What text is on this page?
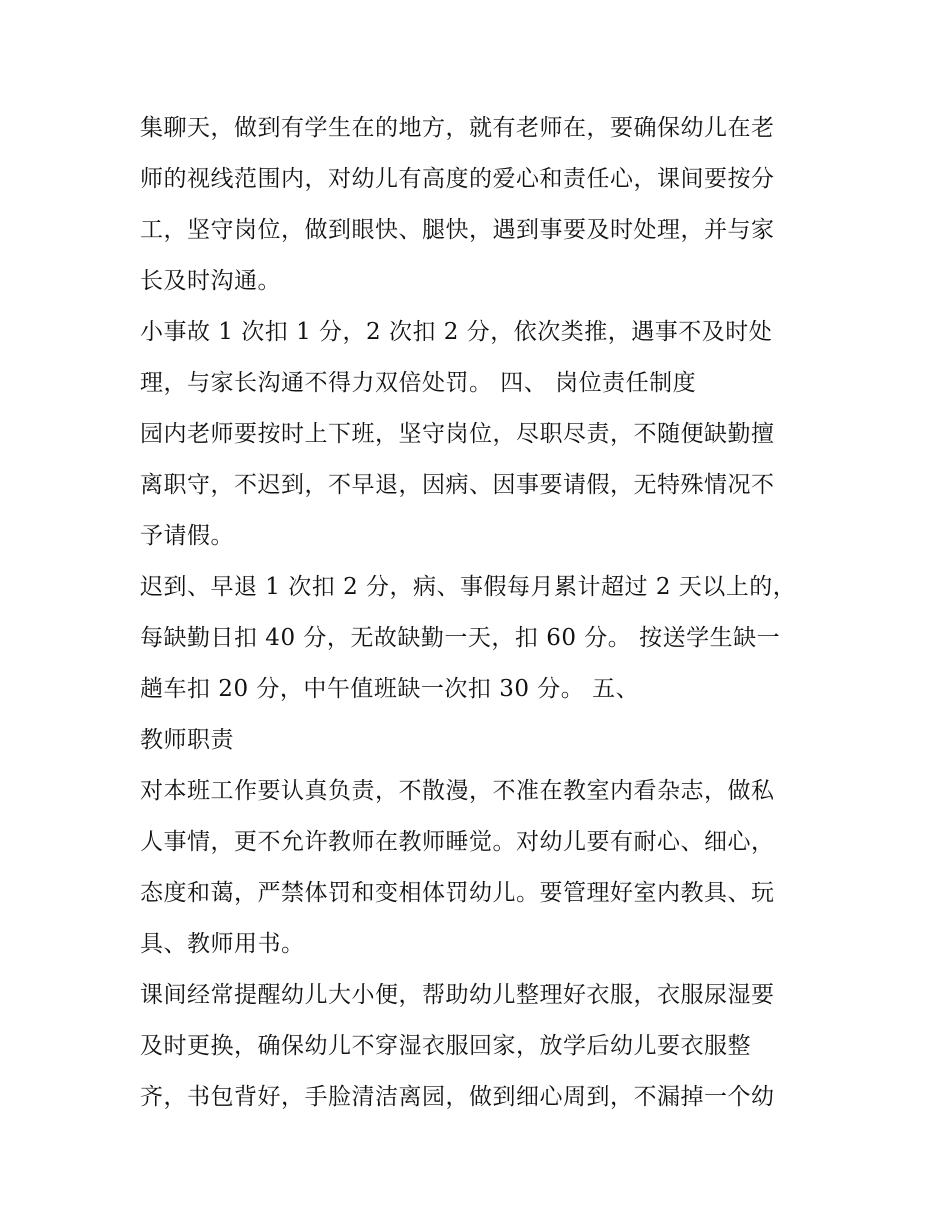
集聊天，做到有学生在的地方，就有老师在，要确保幼儿在老
师的视线范围内，对幼儿有高度的爱心和责任心，课间要按分
工，坚守岗位，做到眼快、腿快，遇到事要及时处理，并与家
长及时沟通。
小事故 1 次扣 1 分，2 次扣 2 分，依次类推，遇事不及时处
理，与家长沟通不得力双倍处罚。 四、 岗位责任制度
园内老师要按时上下班，坚守岗位，尽职尽责，不随便缺勤擅
离职守，不迟到，不早退，因病、因事要请假，无特殊情况不
予请假。
迟到、早退 1 次扣 2 分，病、事假每月累计超过 2 天以上的，
每缺勤日扣 40 分，无故缺勤一天，扣 60 分。 按送学生缺一
趟车扣 20 分，中午值班缺一次扣 30 分。 五、
教师职责
对本班工作要认真负责，不散漫，不准在教室内看杂志，做私
人事情，更不允许教师在教师睡觉。对幼儿要有耐心、细心，
态度和蔼，严禁体罚和变相体罚幼儿。要管理好室内教具、玩
具、教师用书。
课间经常提醒幼儿大小便，帮助幼儿整理好衣服，衣服尿湿要
及时更换，确保幼儿不穿湿衣服回家，放学后幼儿要衣服整
齐，书包背好，手脸清洁离园，做到细心周到，不漏掉一个幼
